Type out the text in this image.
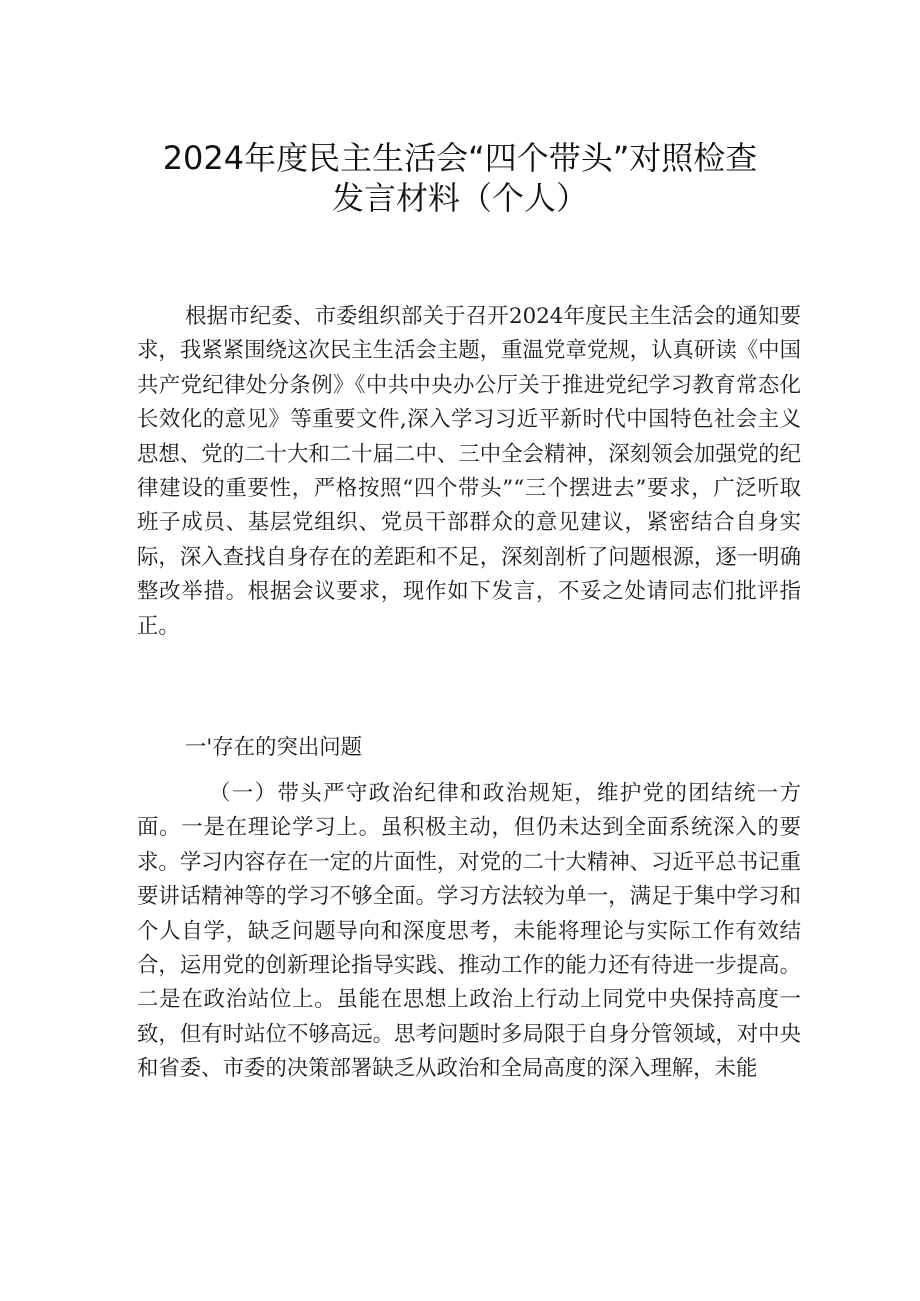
2024年度民主生活会“四个带头”对照检查
发言材料（个人）

根据市纪委、市委组织部关于召开2024年度民主生活会的通知要求，我紧紧围绕这次民主生活会主题，重温党章党规，认真研读《中国共产党纪律处分条例》《中共中央办公厅关于推进党纪学习教育常态化长效化的意见》等重要文件,深入学习习近平新时代中国特色社会主义思想、党的二十大和二十届二中、三中全会精神，深刻领会加强党的纪律建设的重要性，严格按照“四个带头”“三个摆进去”要求，广泛听取班子成员、基层党组织、党员干部群众的意见建议，紧密结合自身实际，深入查找自身存在的差距和不足，深刻剖析了问题根源，逐一明确整改举措。根据会议要求，现作如下发言，不妥之处请同志们批评指正。

一'存在的突出问题

（一）带头严守政治纪律和政治规矩，维护党的团结统一方面。一是在理论学习上。虽积极主动，但仍未达到全面系统深入的要求。学习内容存在一定的片面性，对党的二十大精神、习近平总书记重要讲话精神等的学习不够全面。学习方法较为单一，满足于集中学习和个人自学，缺乏问题导向和深度思考，未能将理论与实际工作有效结合，运用党的创新理论指导实践、推动工作的能力还有待进一步提高。二是在政治站位上。虽能在思想上政治上行动上同党中央保持高度一致，但有时站位不够高远。思考问题时多局限于自身分管领域，对中央和省委、市委的决策部署缺乏从政治和全局高度的深入理解，未能
